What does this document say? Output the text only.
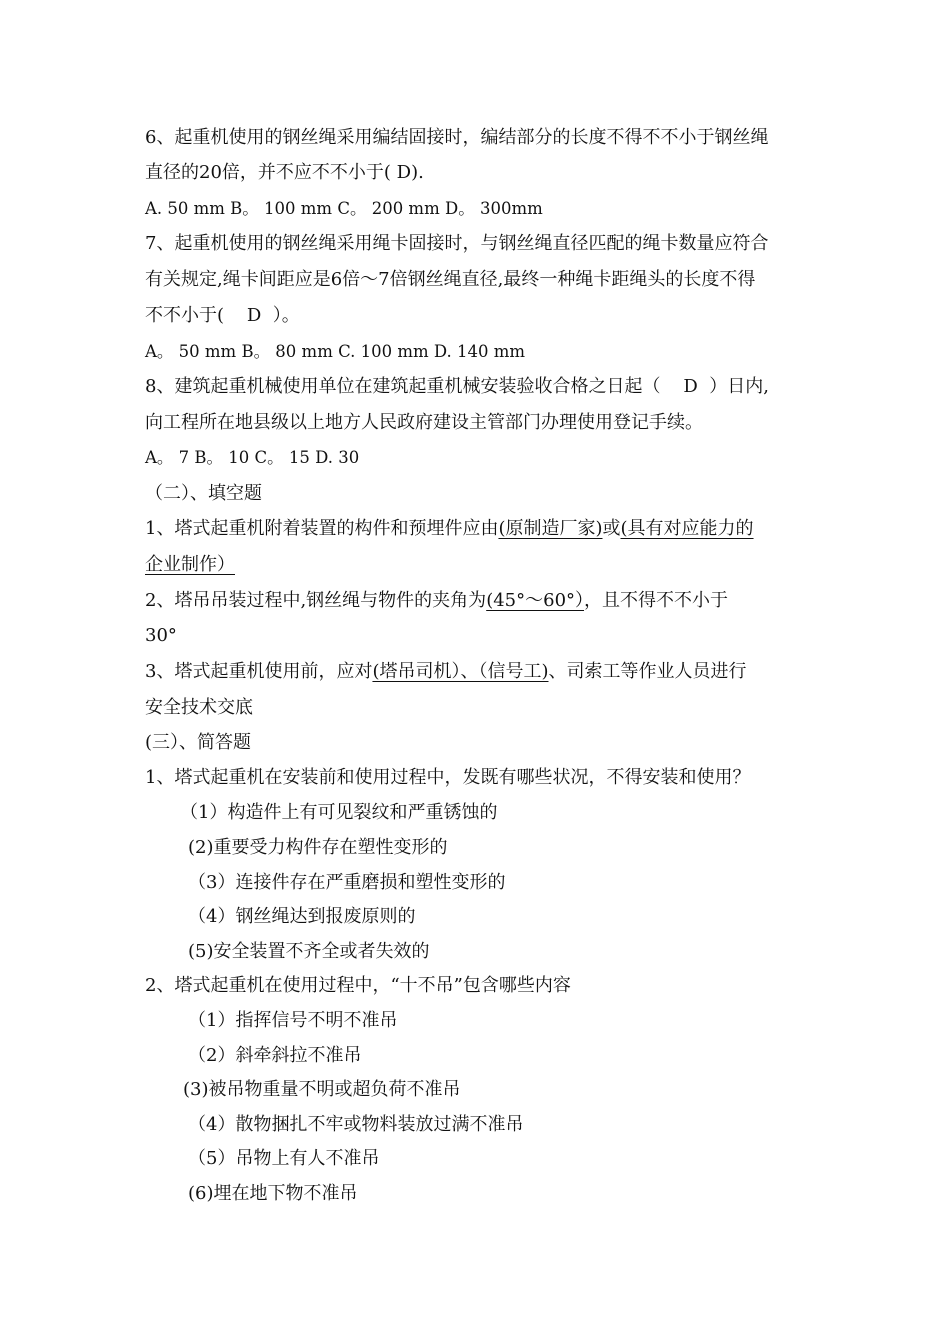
6、起重机使用的钢丝绳采用编结固接时，编结部分的长度不得不不小于钢丝绳
直径的20倍，并不应不不小于( D).
A. 50 mm B。 100 mm C。 200 mm D。 300mm
7、起重机使用的钢丝绳采用绳卡固接时，与钢丝绳直径匹配的绳卡数量应符合
有关规定,绳卡间距应是6倍～7倍钢丝绳直径,最终一种绳卡距绳头的长度不得
不不小于(    D  ）。
A。 50 mm B。 80 mm C. 100 mm D. 140 mm
8、建筑起重机械使用单位在建筑起重机械安装验收合格之日起（    D  ）日内,
向工程所在地县级以上地方人民政府建设主管部门办理使用登记手续。
A。 7 B。 10 C。 15 D. 30
（二）、填空题
1、塔式起重机附着装置的构件和预埋件应由(原制造厂家)或(具有对应能力的
企业制作）
2、塔吊吊装过程中,钢丝绳与物件的夹角为(45°～60°），且不得不不小于
30°
3、塔式起重机使用前，应对(塔吊司机）、（信号工)、司索工等作业人员进行
安全技术交底
(三）、简答题
1、塔式起重机在安装前和使用过程中，发既有哪些状况，不得安装和使用？
（1）构造件上有可见裂纹和严重锈蚀的
(2)重要受力构件存在塑性变形的
（3）连接件存在严重磨损和塑性变形的
（4）钢丝绳达到报废原则的
(5)安全装置不齐全或者失效的
2、塔式起重机在使用过程中，“十不吊”包含哪些内容
（1）指挥信号不明不准吊
（2）斜牵斜拉不准吊
(3)被吊物重量不明或超负荷不准吊
（4）散物捆扎不牢或物料装放过满不准吊
（5）吊物上有人不准吊
(6)埋在地下物不准吊
